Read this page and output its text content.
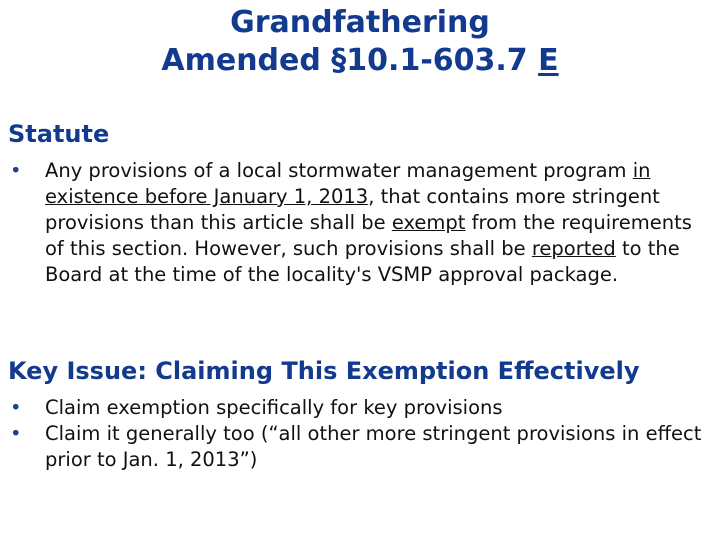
Grandfathering
Amended §10.1-603.7 E
Statute
• Any provisions of a local stormwater management program in existence before January 1, 2013, that contains more stringent provisions than this article shall be exempt from the requirements of this section. However, such provisions shall be reported to the Board at the time of the locality's VSMP approval package.
Key Issue: Claiming This Exemption Effectively
• Claim exemption specifically for key provisions
• Claim it generally too (“all other more stringent provisions in effect prior to Jan. 1, 2013”)
